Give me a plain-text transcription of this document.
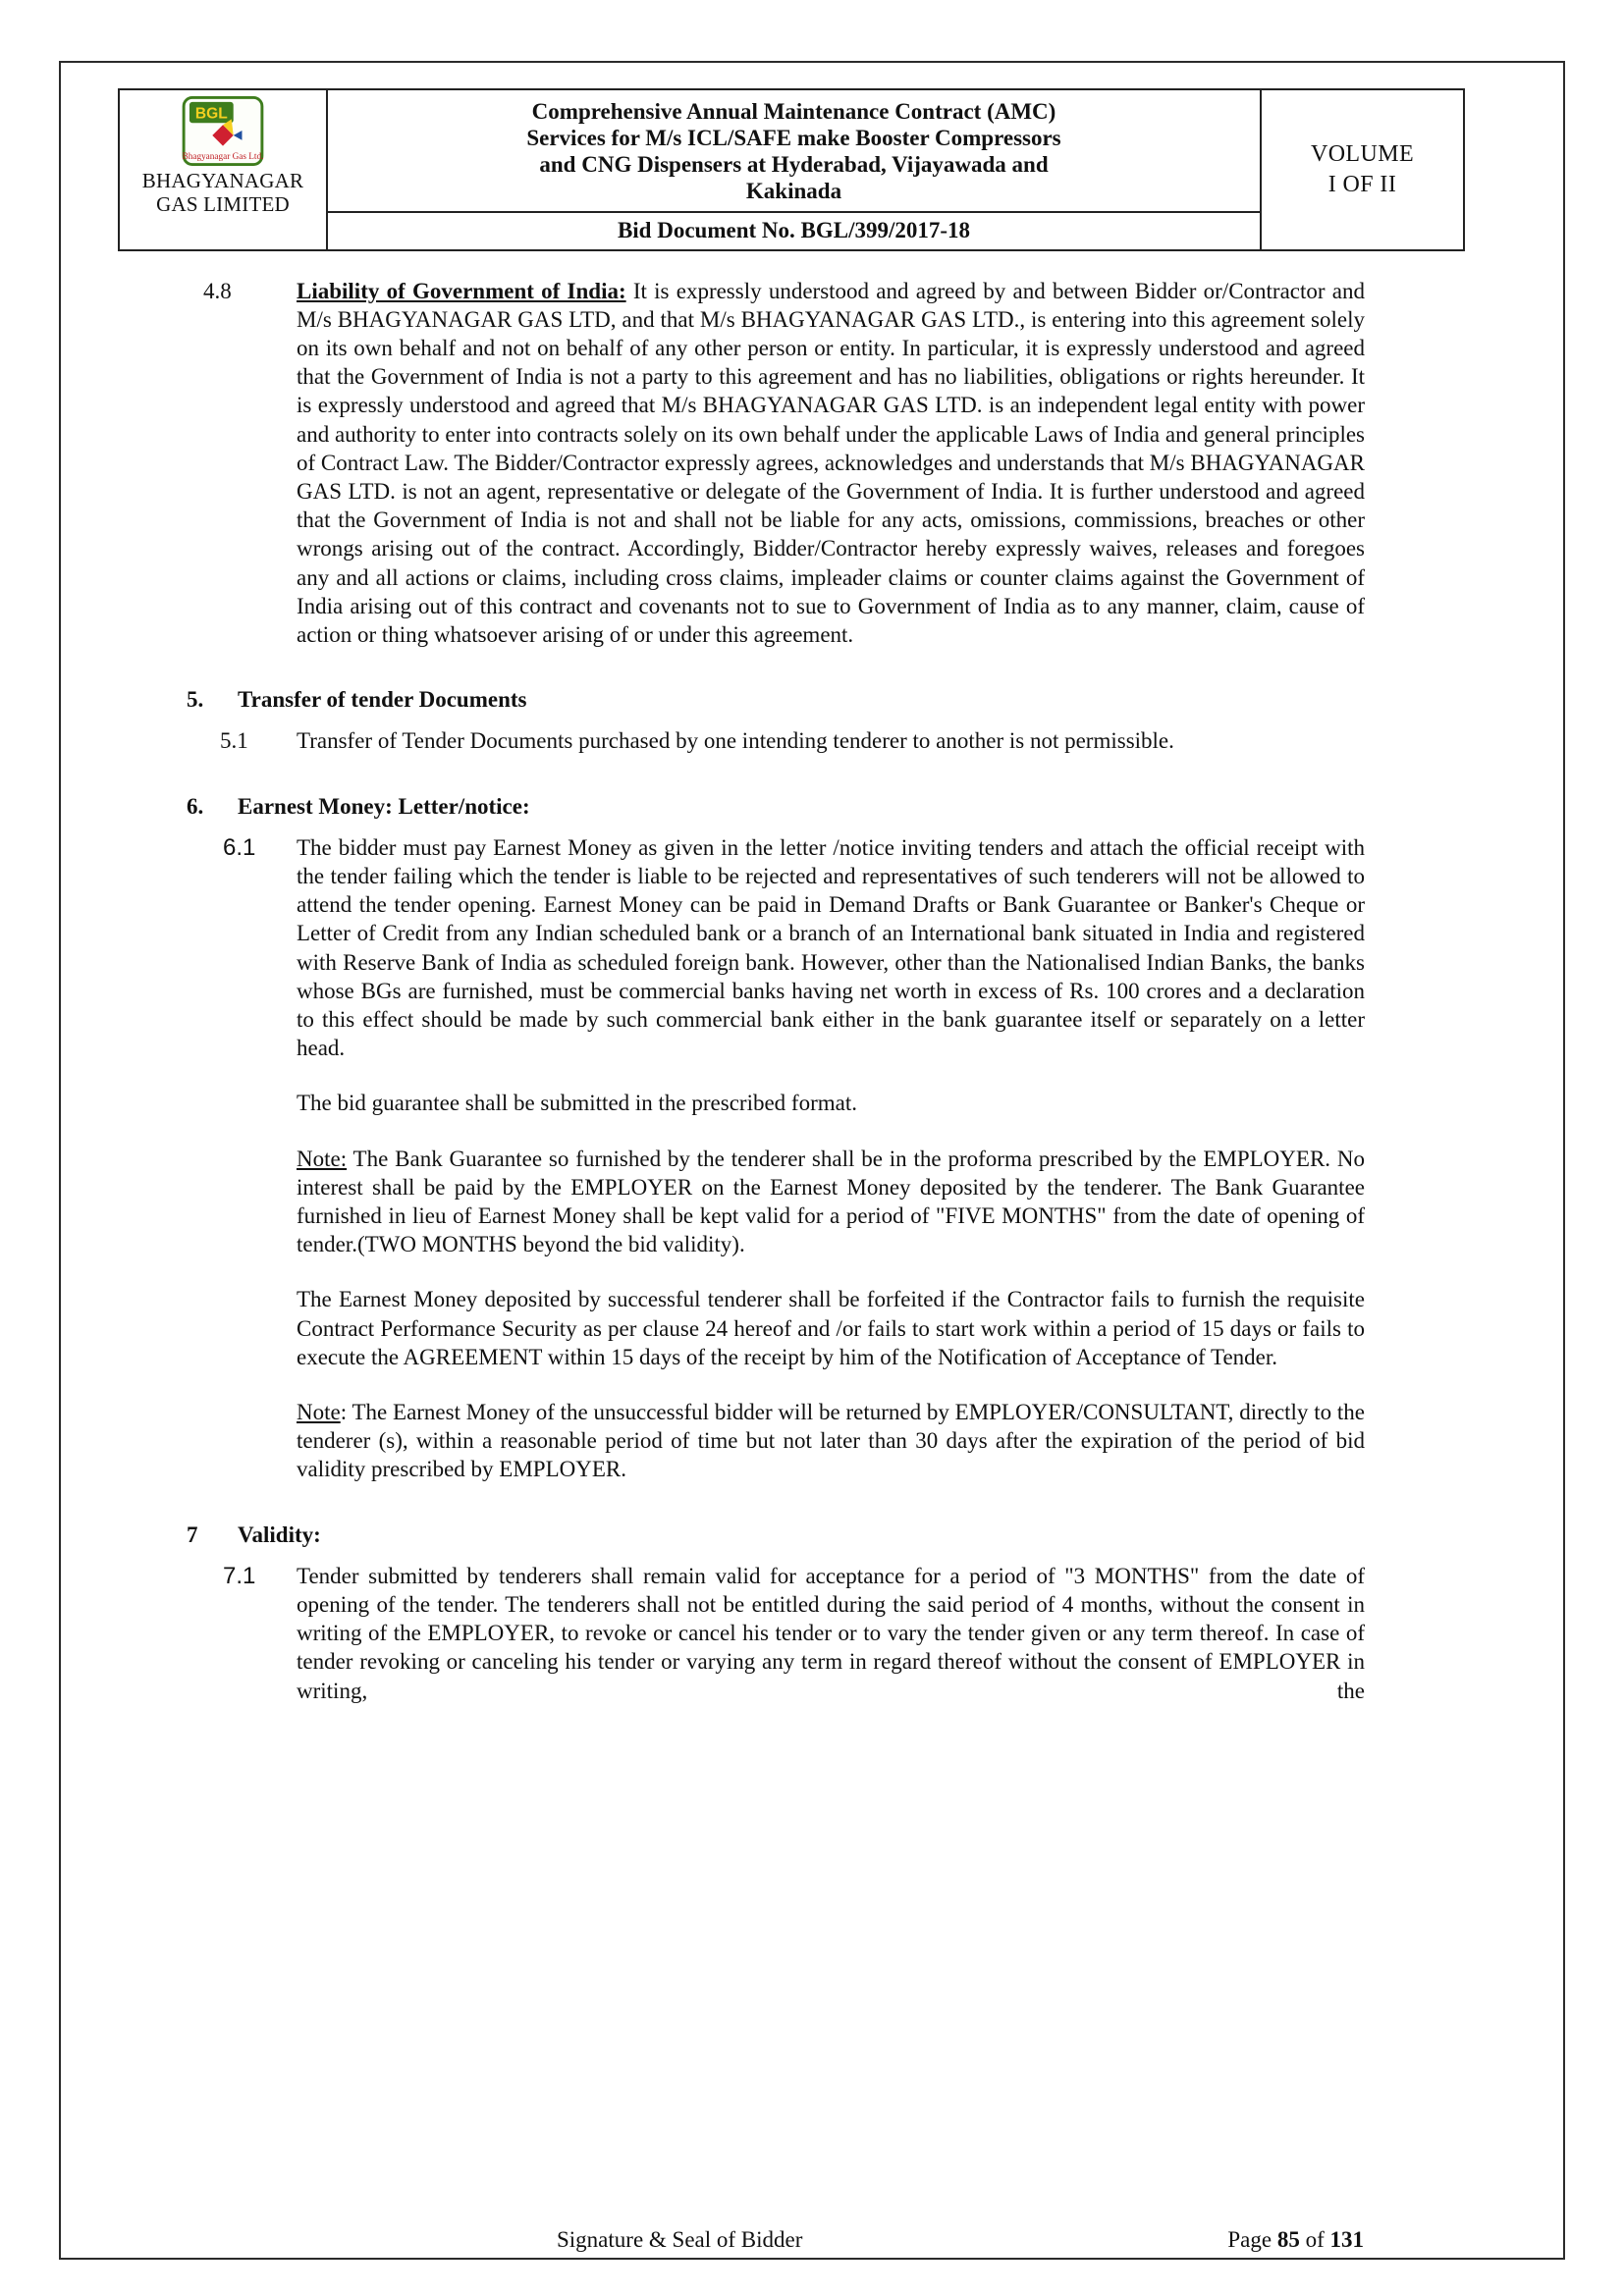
BGL
Bhagyanagar Gas Ltd.
BHAGYANAGAR
GAS LIMITED
Comprehensive Annual Maintenance Contract (AMC)
Services for M/s ICL/SAFE make Booster Compressors
and CNG Dispensers at Hyderabad, Vijayawada and
Kakinada
Bid Document No. BGL/399/2017-18
VOLUME
I OF II
4.8	Liability of Government of India: It is expressly understood and agreed by and between Bidder or/Contractor and M/s BHAGYANAGAR GAS LTD, and that M/s BHAGYANAGAR GAS LTD., is entering into this agreement solely on its own behalf and not on behalf of any other person or entity. In particular, it is expressly understood and agreed that the Government of India is not a party to this agreement and has no liabilities, obligations or rights hereunder. It is expressly understood and agreed that M/s BHAGYANAGAR GAS LTD. is an independent legal entity with power and authority to enter into contracts solely on its own behalf under the applicable Laws of India and general principles of Contract Law. The Bidder/Contractor expressly agrees, acknowledges and understands that M/s BHAGYANAGAR GAS LTD. is not an agent, representative or delegate of the Government of India. It is further understood and agreed that the Government of India is not and shall not be liable for any acts, omissions, commissions, breaches or other wrongs arising out of the contract. Accordingly, Bidder/Contractor hereby expressly waives, releases and foregoes any and all actions or claims, including cross claims, impleader claims or counter claims against the Government of India arising out of this contract and covenants not to sue to Government of India as to any manner, claim, cause of action or thing whatsoever arising of or under this agreement.

5.	Transfer of tender Documents
5.1	Transfer of Tender Documents purchased by one intending tenderer to another is not permissible.

6.	Earnest Money: Letter/notice:
6.1	The bidder must pay Earnest Money as given in the letter /notice inviting tenders and attach the official receipt with the tender failing which the tender is liable to be rejected and representatives of such tenderers will not be allowed to attend the tender opening. Earnest Money can be paid in Demand Drafts or Bank Guarantee or Banker's Cheque or Letter of Credit from any Indian scheduled bank or a branch of an International bank situated in India and registered with Reserve Bank of India as scheduled foreign bank. However, other than the Nationalised Indian Banks, the banks whose BGs are furnished, must be commercial banks having net worth in excess of Rs. 100 crores and a declaration to this effect should be made by such commercial bank either in the bank guarantee itself or separately on a letter head.

The bid guarantee shall be submitted in the prescribed format.

Note: The Bank Guarantee so furnished by the tenderer shall be in the proforma prescribed by the EMPLOYER. No interest shall be paid by the EMPLOYER on the Earnest Money deposited by the tenderer. The Bank Guarantee furnished in lieu of Earnest Money shall be kept valid for a period of "FIVE MONTHS" from the date of opening of tender.(TWO MONTHS beyond the bid validity).

The Earnest Money deposited by successful tenderer shall be forfeited if the Contractor fails to furnish the requisite Contract Performance Security as per clause 24 hereof and /or fails to start work within a period of 15 days or fails to execute the AGREEMENT within 15 days of the receipt by him of the Notification of Acceptance of Tender.

Note: The Earnest Money of the unsuccessful bidder will be returned by EMPLOYER/CONSULTANT, directly to the tenderer (s), within a reasonable period of time but not later than 30 days after the expiration of the period of bid validity prescribed by EMPLOYER.

7	Validity:
7.1	Tender submitted by tenderers shall remain valid for acceptance for a period of "3 MONTHS" from the date of opening of the tender. The tenderers shall not be entitled during the said period of 4 months, without the consent in writing of the EMPLOYER, to revoke or cancel his tender or to vary the tender given or any term thereof. In case of tender revoking or canceling his tender or varying any term in regard thereof without the consent of EMPLOYER in writing, the

Signature & Seal of Bidder	Page 85 of 131
